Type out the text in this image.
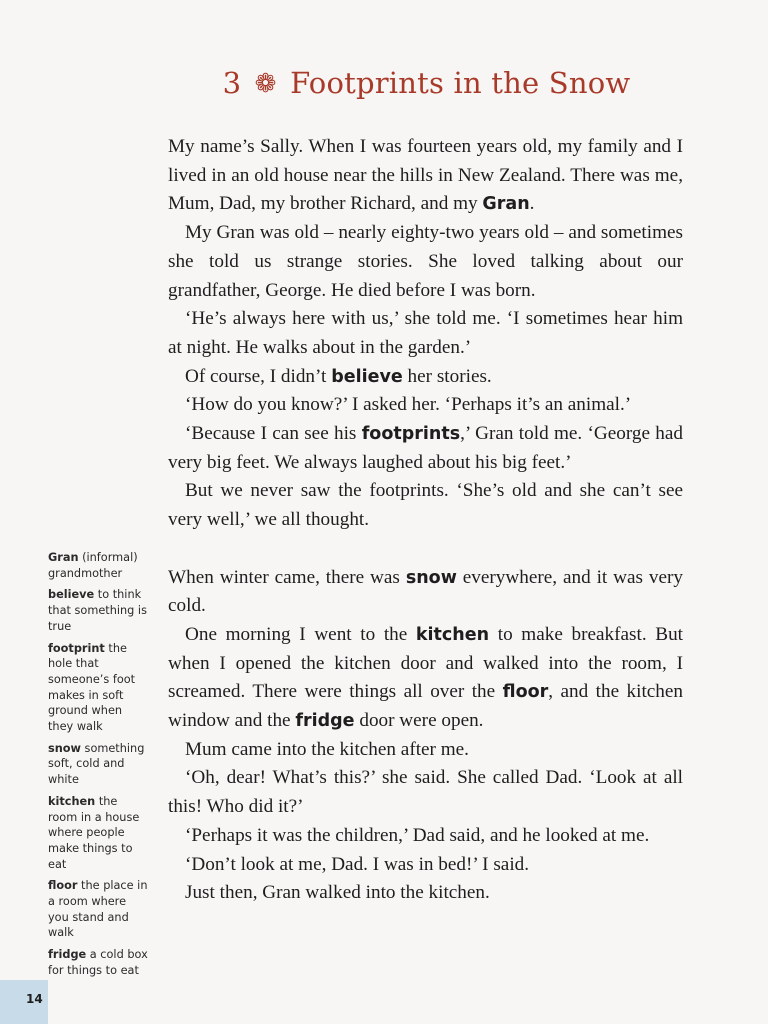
3 ❁ Footprints in the Snow

My name’s Sally. When I was fourteen years old, my family and I lived in an old house near the hills in New Zealand. There was me, Mum, Dad, my brother Richard, and my Gran.

My Gran was old – nearly eighty-two years old – and sometimes she told us strange stories. She loved talking about our grandfather, George. He died before I was born.

‘He’s always here with us,’ she told me. ‘I sometimes hear him at night. He walks about in the garden.’

Of course, I didn’t believe her stories.

‘How do you know?’ I asked her. ‘Perhaps it’s an animal.’

‘Because I can see his footprints,’ Gran told me. ‘George had very big feet. We always laughed about his big feet.’

But we never saw the footprints. ‘She’s old and she can’t see very well,’ we all thought.

When winter came, there was snow everywhere, and it was very cold.

One morning I went to the kitchen to make breakfast. But when I opened the kitchen door and walked into the room, I screamed. There were things all over the floor, and the kitchen window and the fridge door were open.

Mum came into the kitchen after me.

‘Oh, dear! What’s this?’ she said. She called Dad. ‘Look at all this! Who did it?’

‘Perhaps it was the children,’ Dad said, and he looked at me.

‘Don’t look at me, Dad. I was in bed!’ I said.

Just then, Gran walked into the kitchen.

Gran (informal) grandmother
believe to think that something is true
footprint the hole that someone’s foot makes in soft ground when they walk
snow something soft, cold and white
kitchen the room in a house where people make things to eat
floor the place in a room where you stand and walk
fridge a cold box for things to eat
14
